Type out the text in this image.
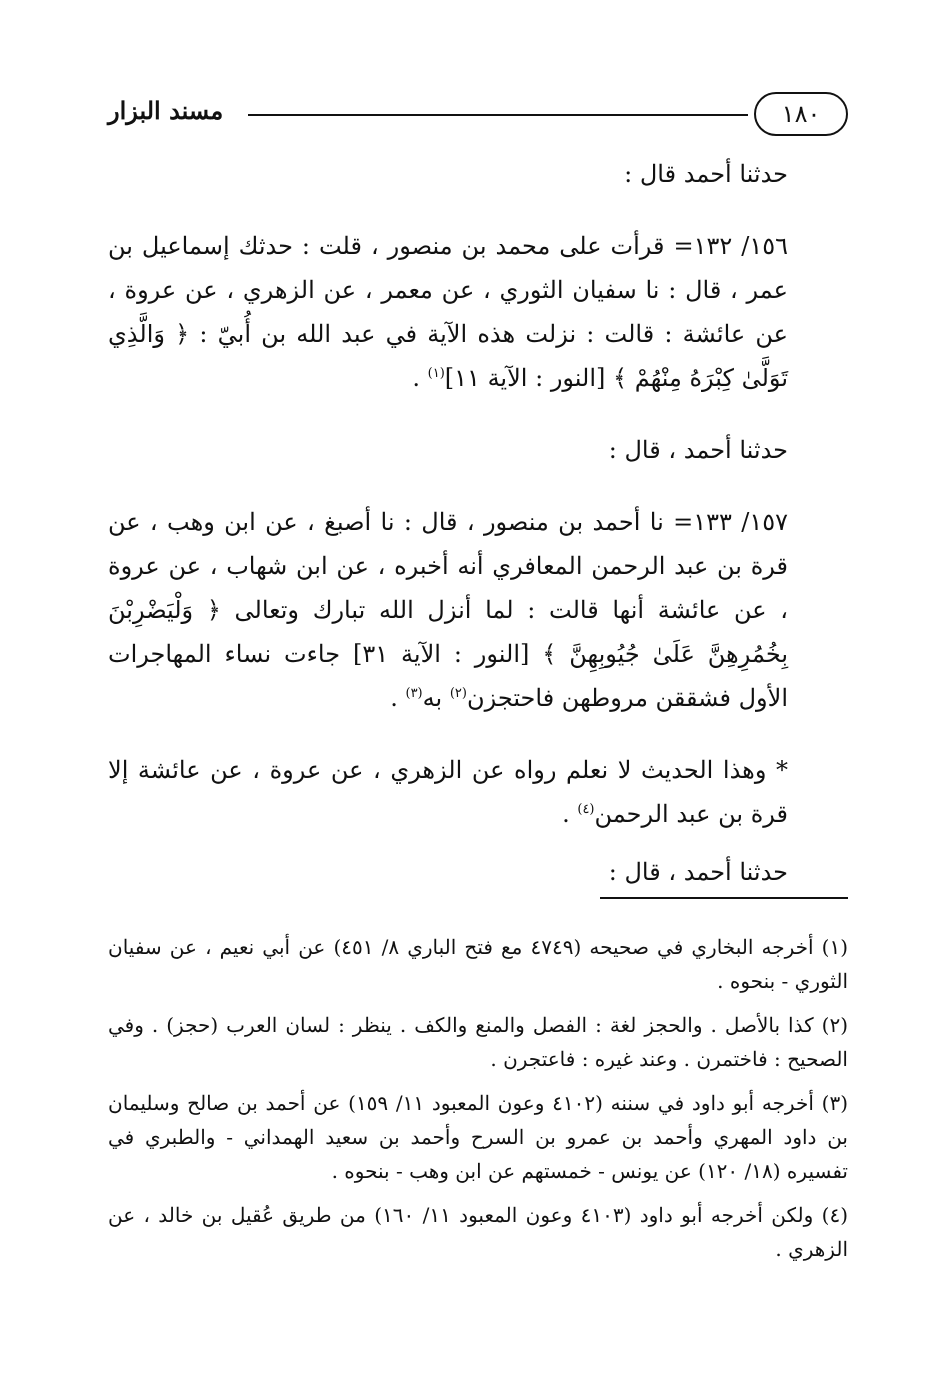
١٨٠
مسند البزار

حدثنا أحمد قال :

١٥٦/ ١٣٢= قرأت على محمد بن منصور ، قلت : حدثك إسماعيل بن عمر ، قال : نا سفيان الثوري ، عن معمر ، عن الزهري ، عن عروة ، عن عائشة : قالت : نزلت هذه الآية في عبد الله بن أُبيّ : ﴿ وَالَّذِي تَوَلَّىٰ كِبْرَهُ مِنْهُمْ ﴾ [النور : الآية ١١]$^{(١)}$ .

حدثنا أحمد ، قال :

١٥٧/ ١٣٣= نا أحمد بن منصور ، قال : نا أصبغ ، عن ابن وهب ، عن قرة بن عبد الرحمن المعافري أنه أخبره ، عن ابن شهاب ، عن عروة ، عن عائشة أنها قالت : لما أنزل الله تبارك وتعالى ﴿ وَلْيَضْرِبْنَ بِخُمُرِهِنَّ عَلَىٰ جُيُوبِهِنَّ ﴾ [النور : الآية ٣١] جاءت نساء المهاجرات الأول فشققن مروطهن فاحتجزن$^{(٢)}$ به$^{(٣)}$ .

* وهذا الحديث لا نعلم رواه عن الزهري ، عن عروة ، عن عائشة إلا قرة بن عبد الرحمن$^{(٤)}$ .

حدثنا أحمد ، قال :

(١) أخرجه البخاري في صحيحه (٤٧٤٩ مع فتح الباري ٨/ ٤٥١) عن أبي نعيم ، عن سفيان الثوري - بنحوه .

(٢) كذا بالأصل . والحجز لغة : الفصل والمنع والكف . ينظر : لسان العرب (حجز) . وفي الصحيح : فاختمرن . وعند غيره : فاعتجرن .

(٣) أخرجه أبو داود في سننه (٤١٠٢ وعون المعبود ١١/ ١٥٩) عن أحمد بن صالح وسليمان بن داود المهري وأحمد بن عمرو بن السرح وأحمد بن سعيد الهمداني - والطبري في تفسيره (١٨/ ١٢٠) عن يونس - خمستهم عن ابن وهب - بنحوه .

(٤) ولكن أخرجه أبو داود (٤١٠٣ وعون المعبود ١١/ ١٦٠) من طريق عُقيل بن خالد ، عن الزهري .
